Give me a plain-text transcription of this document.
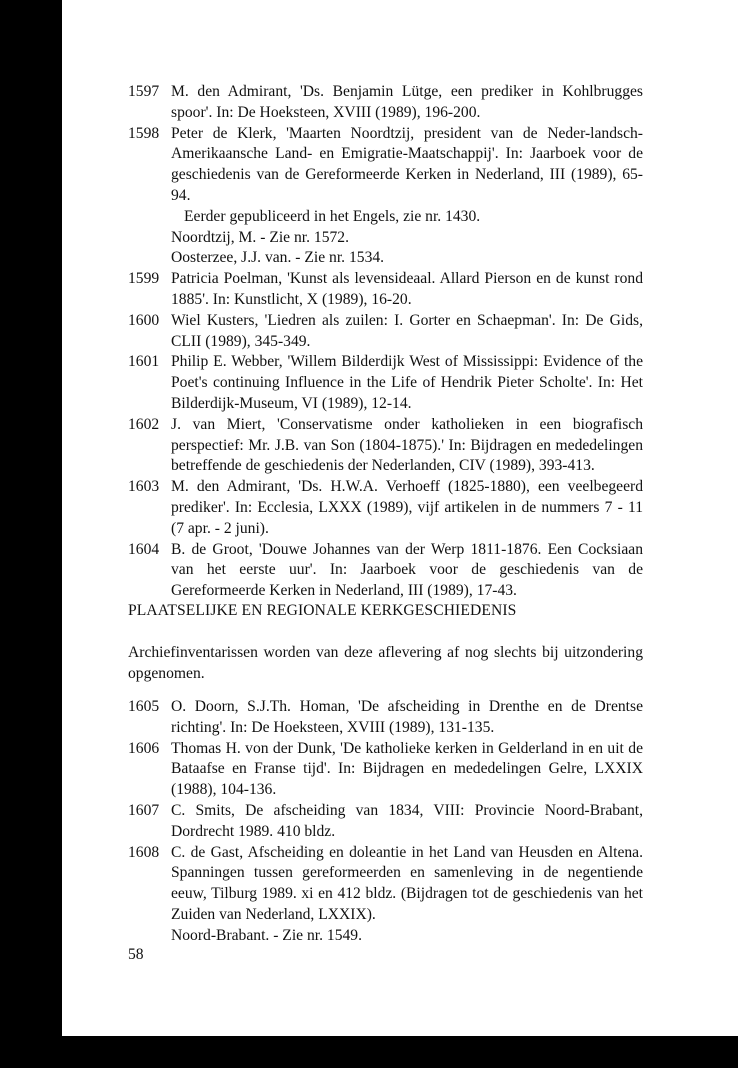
1597 M. den Admirant, 'Ds. Benjamin Lütge, een prediker in Kohlbrugges spoor'. In: De Hoeksteen, XVIII (1989), 196-200.
1598 Peter de Klerk, 'Maarten Noordtzij, president van de Neder-landsch-Amerikaansche Land- en Emigratie-Maatschappij'. In: Jaarboek voor de geschiedenis van de Gereformeerde Kerken in Nederland, III (1989), 65-94.
Eerder gepubliceerd in het Engels, zie nr. 1430.
Noordtzij, M. - Zie nr. 1572.
Oosterzee, J.J. van. - Zie nr. 1534.
1599 Patricia Poelman, 'Kunst als levensideaal. Allard Pierson en de kunst rond 1885'. In: Kunstlicht, X (1989), 16-20.
1600 Wiel Kusters, 'Liedren als zuilen: I. Gorter en Schaepman'. In: De Gids, CLII (1989), 345-349.
1601 Philip E. Webber, 'Willem Bilderdijk West of Mississippi: Evidence of the Poet's continuing Influence in the Life of Hendrik Pieter Scholte'. In: Het Bilderdijk-Museum, VI (1989), 12-14.
1602 J. van Miert, 'Conservatisme onder katholieken in een biografisch perspectief: Mr. J.B. van Son (1804-1875).' In: Bijdragen en mededelingen betreffende de geschiedenis der Nederlanden, CIV (1989), 393-413.
1603 M. den Admirant, 'Ds. H.W.A. Verhoeff (1825-1880), een veelbegeerd prediker'. In: Ecclesia, LXXX (1989), vijf artikelen in de nummers 7 - 11 (7 apr. - 2 juni).
1604 B. de Groot, 'Douwe Johannes van der Werp 1811-1876. Een Cocksiaan van het eerste uur'. In: Jaarboek voor de geschiedenis van de Gereformeerde Kerken in Nederland, III (1989), 17-43.
PLAATSELIJKE EN REGIONALE KERKGESCHIEDENIS
Archiefinventarissen worden van deze aflevering af nog slechts bij uitzondering opgenomen.
1605 O. Doorn, S.J.Th. Homan, 'De afscheiding in Drenthe en de Drentse richting'. In: De Hoeksteen, XVIII (1989), 131-135.
1606 Thomas H. von der Dunk, 'De katholieke kerken in Gelderland in en uit de Bataafse en Franse tijd'. In: Bijdragen en mededelingen Gelre, LXXIX (1988), 104-136.
1607 C. Smits, De afscheiding van 1834, VIII: Provincie Noord-Brabant, Dordrecht 1989. 410 bldz.
1608 C. de Gast, Afscheiding en doleantie in het Land van Heusden en Altena. Spanningen tussen gereformeerden en samenleving in de negentiende eeuw, Tilburg 1989. xi en 412 bldz. (Bijdragen tot de geschiedenis van het Zuiden van Nederland, LXXIX).
Noord-Brabant. - Zie nr. 1549.
58
